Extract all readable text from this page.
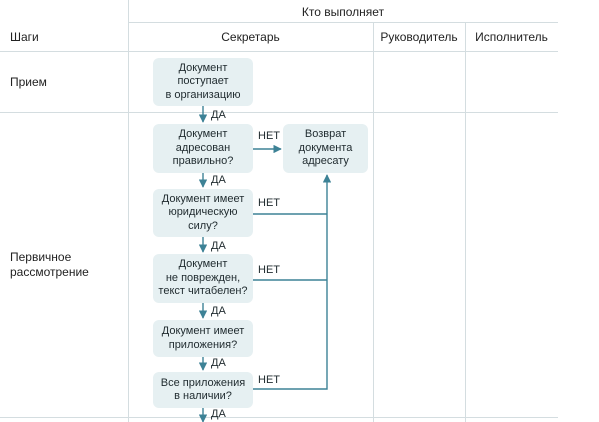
Кто выполняет
Шаги	Секретарь	Руководитель	Исполнитель
Прием
Первичное
рассмотрение
Документ
поступает
в организацию
Документ
адресован
правильно?
Возврат
документа
адресату
Документ имеет
юридическую
силу?
Документ
не поврежден,
текст читабелен?
Документ имеет
приложения?
Все приложения
в наличии?
ДА
ДА
ДА
ДА
ДА
ДА
НЕТ
НЕТ
НЕТ
НЕТ
